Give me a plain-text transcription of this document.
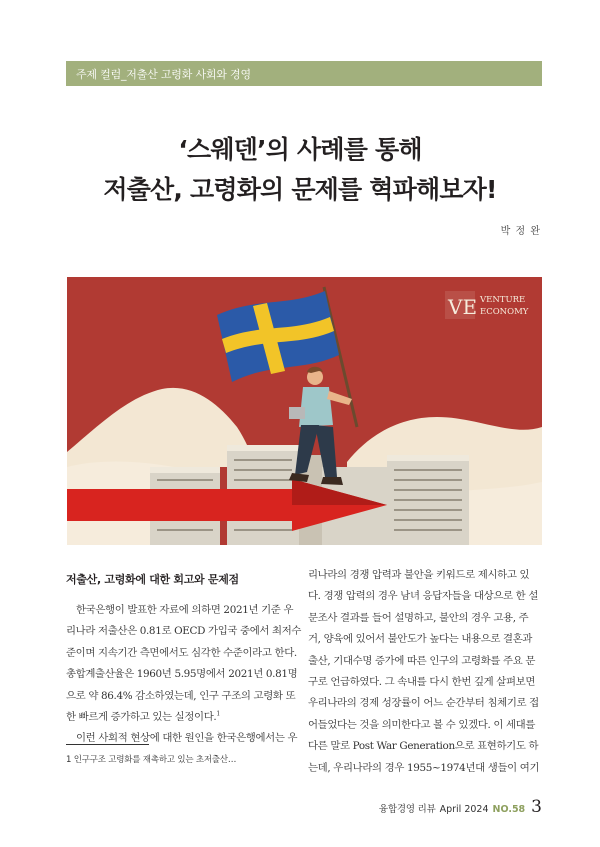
주제 컬럼_저출산 고령화 사회와 경영
‘스웨덴’의 사례를 통해
저출산, 고령화의 문제를 혁파해보자!
박 정 완
VE VENTURE
ECONOMY
저출산, 고령화에 대한 회고와 문제점
한국은행이 발표한 자료에 의하면 2021년 기준 우
리나라 저출산은 0.81로 OECD 가입국 중에서 최저수
준이며 지속기간 측면에서도 심각한 수준이라고 한다.
총합계출산율은 1960년 5.95명에서 2021년 0.81명
으로 약 86.4% 감소하였는데, 인구 구조의 고령화 또
한 빠르게 증가하고 있는 실정이다.$^1$
이런 사회적 현상에 대한 원인을 한국은행에서는 우
리나라의 경쟁 압력과 불안을 키워드로 제시하고 있
다. 경쟁 압력의 경우 남녀 응답자들을 대상으로 한 설
문조사 결과를 들어 설명하고, 불안의 경우 고용, 주
거, 양육에 있어서 불안도가 높다는 내용으로 결혼과
출산, 기대수명 증가에 따른 인구의 고령화를 주요 문
구로 언급하였다. 그 속내를 다시 한번 깊게 살펴보면
우리나라의 경제 성장률이 어느 순간부터 침체기로 접
어들었다는 것을 의미한다고 볼 수 있겠다. 이 세대를
다른 말로 Post War Generation으로 표현하기도 하
는데, 우리나라의 경우 1955~1974년대 생들이 여기
1 인구구조 고령화를 재촉하고 있는 초저출산…
융합경영 리뷰 April 2024 NO.58 3
